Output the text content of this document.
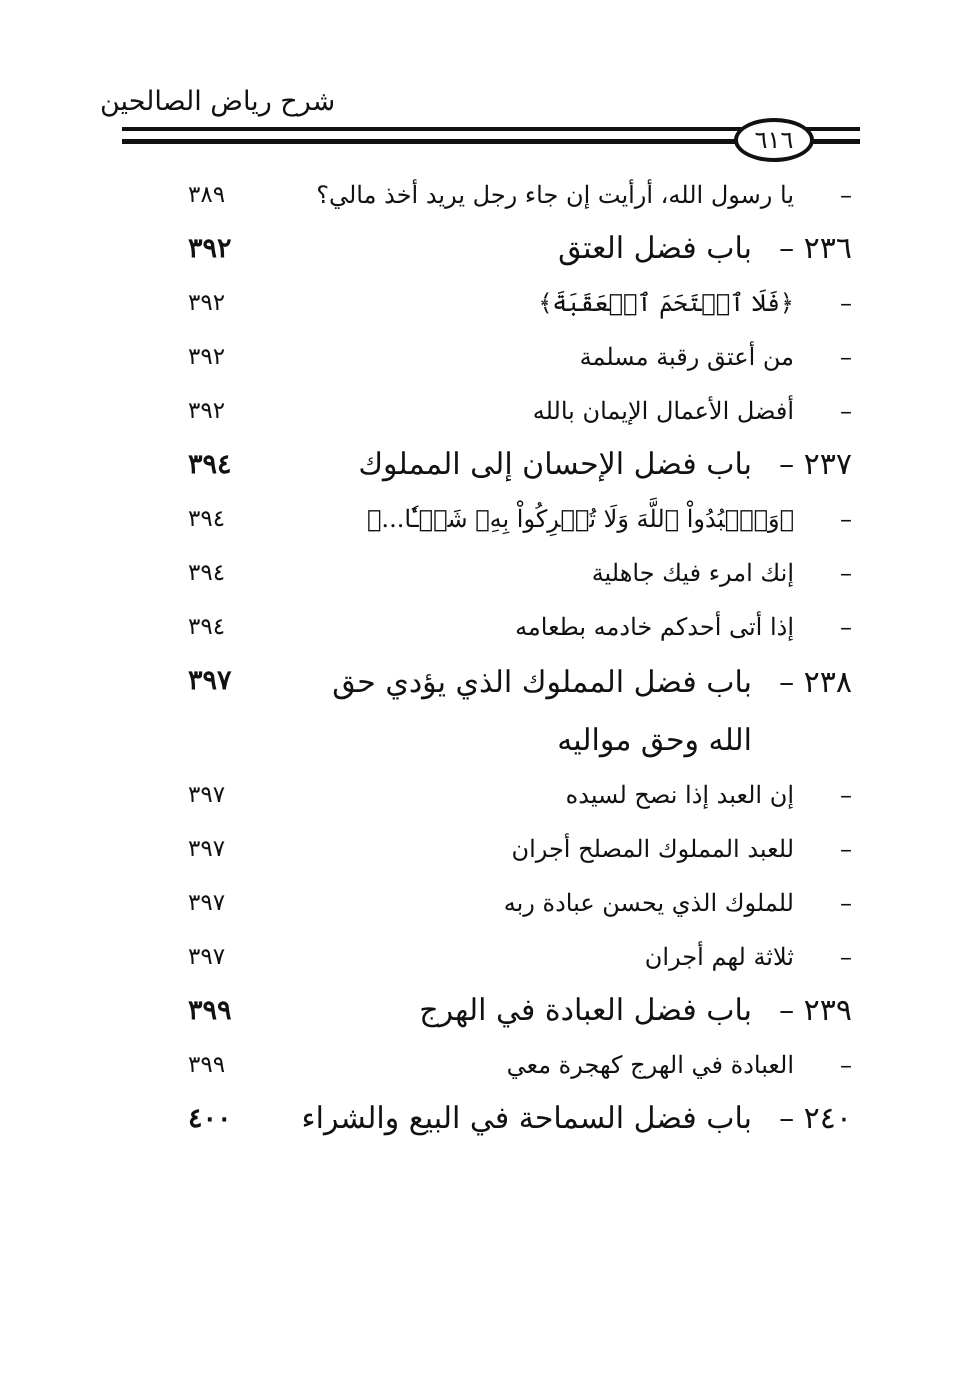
شرح رياض الصالحين
٦١٦
–
يا رسول الله، أرأيت إن جاء رجل يريد أخذ مالي؟
٣٨٩
٢٣٦ –
باب فضل العتق
٣٩٢
–
﴿فَلَا ٱقۡتَحَمَ ٱلۡعَقَبَةَ﴾
٣٩٢
–
من أعتق رقبة مسلمة
٣٩٢
–
أفضل الأعمال الإيمان بالله
٣٩٢
٢٣٧ –
باب فضل الإحسان إلى المملوك
٣٩٤
–
﴿وَٱعۡبُدُواْ ٱللَّهَ وَلَا تُشۡرِكُواْ بِهِۦ شَيۡـٔٗا...﴾
٣٩٤
–
إنك امرء فيك جاهلية
٣٩٤
–
إذا أتى أحدكم خادمه بطعامه
٣٩٤
٢٣٨ –
باب فضل المملوك الذي يؤدي حق الله وحق مواليه
٣٩٧
–
إن العبد إذا نصح لسيده
٣٩٧
–
للعبد المملوك المصلح أجران
٣٩٧
–
للملوك الذي يحسن عبادة ربه
٣٩٧
–
ثلاثة لهم أجران
٣٩٧
٢٣٩ –
باب فضل العبادة في الهرج
٣٩٩
–
العبادة في الهرج كهجرة معي
٣٩٩
٢٤٠ –
باب فضل السماحة في البيع والشراء
٤٠٠
